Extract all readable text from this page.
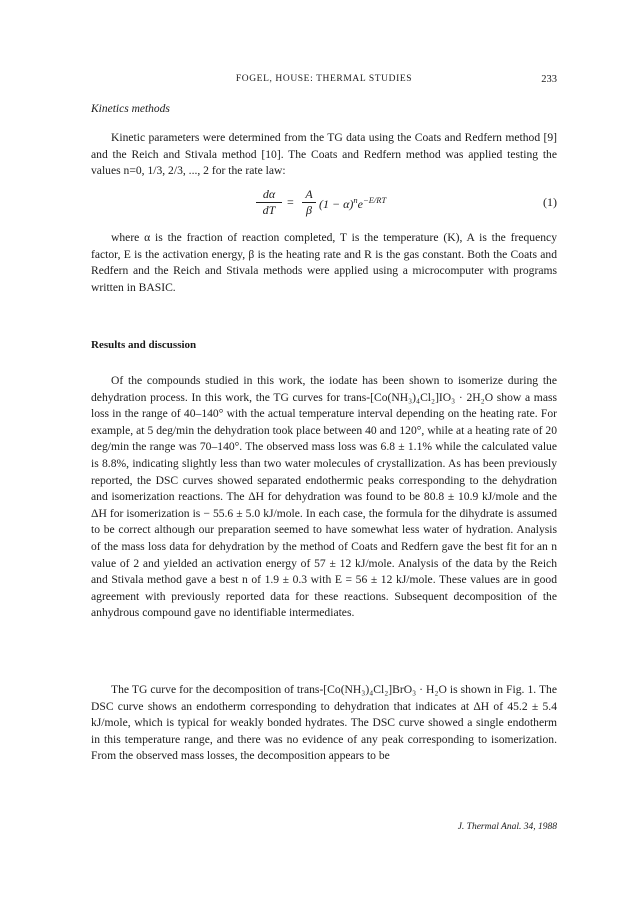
FOGEL, HOUSE: THERMAL STUDIES	233
Kinetics methods

Kinetic parameters were determined from the TG data using the Coats and Redfern method [9] and the Reich and Stivala method [10]. The Coats and Redfern method was applied testing the values n=0, 1/3, 2/3, ..., 2 for the rate law:

$\frac{d\alpha}{dT} = \frac{A}{\beta} (1 - \alpha)^ne^{-E/RT}$	(1)

where α is the fraction of reaction completed, T is the temperature (K), A is the frequency factor, E is the activation energy, β is the heating rate and R is the gas constant. Both the Coats and Redfern and the Reich and Stivala methods were applied using a microcomputer with programs written in BASIC.

Results and discussion

Of the compounds studied in this work, the iodate has been shown to isomerize during the dehydration process. In this work, the TG curves for trans-[Co(NH₃)₄Cl₂]IO₃ · 2H₂O show a mass loss in the range of 40–140° with the actual temperature interval depending on the heating rate. For example, at 5 deg/min the dehydration took place between 40 and 120°, while at a heating rate of 20 deg/min the range was 70–140°. The observed mass loss was 6.8 ± 1.1% while the calculated value is 8.8%, indicating slightly less than two water molecules of crystallization. As has been previously reported, the DSC curves showed separated endothermic peaks corresponding to the dehydration and isomerization reactions. The ΔH for dehydration was found to be 80.8 ± 10.9 kJ/mole and the ΔH for isomerization is − 55.6 ± 5.0 kJ/mole. In each case, the formula for the dihydrate is assumed to be correct although our preparation seemed to have somewhat less water of hydration. Analysis of the mass loss data for dehydration by the method of Coats and Redfern gave the best fit for an n value of 2 and yielded an activation energy of 57 ± 12 kJ/mole. Analysis of the data by the Reich and Stivala method gave a best n of 1.9 ± 0.3 with E = 56 ± 12 kJ/mole. These values are in good agreement with previously reported data for these reactions. Subsequent decomposition of the anhydrous compound gave no identifiable intermediates.

The TG curve for the decomposition of trans-[Co(NH₃)₄Cl₂]BrO₃ · H₂O is shown in Fig. 1. The DSC curve shows an endotherm corresponding to dehydration that indicates at ΔH of 45.2 ± 5.4 kJ/mole, which is typical for weakly bonded hydrates. The DSC curve showed a single endotherm in this temperature range, and there was no evidence of any peak corresponding to isomerization. From the observed mass losses, the decomposition appears to be

J. Thermal Anal. 34, 1988
